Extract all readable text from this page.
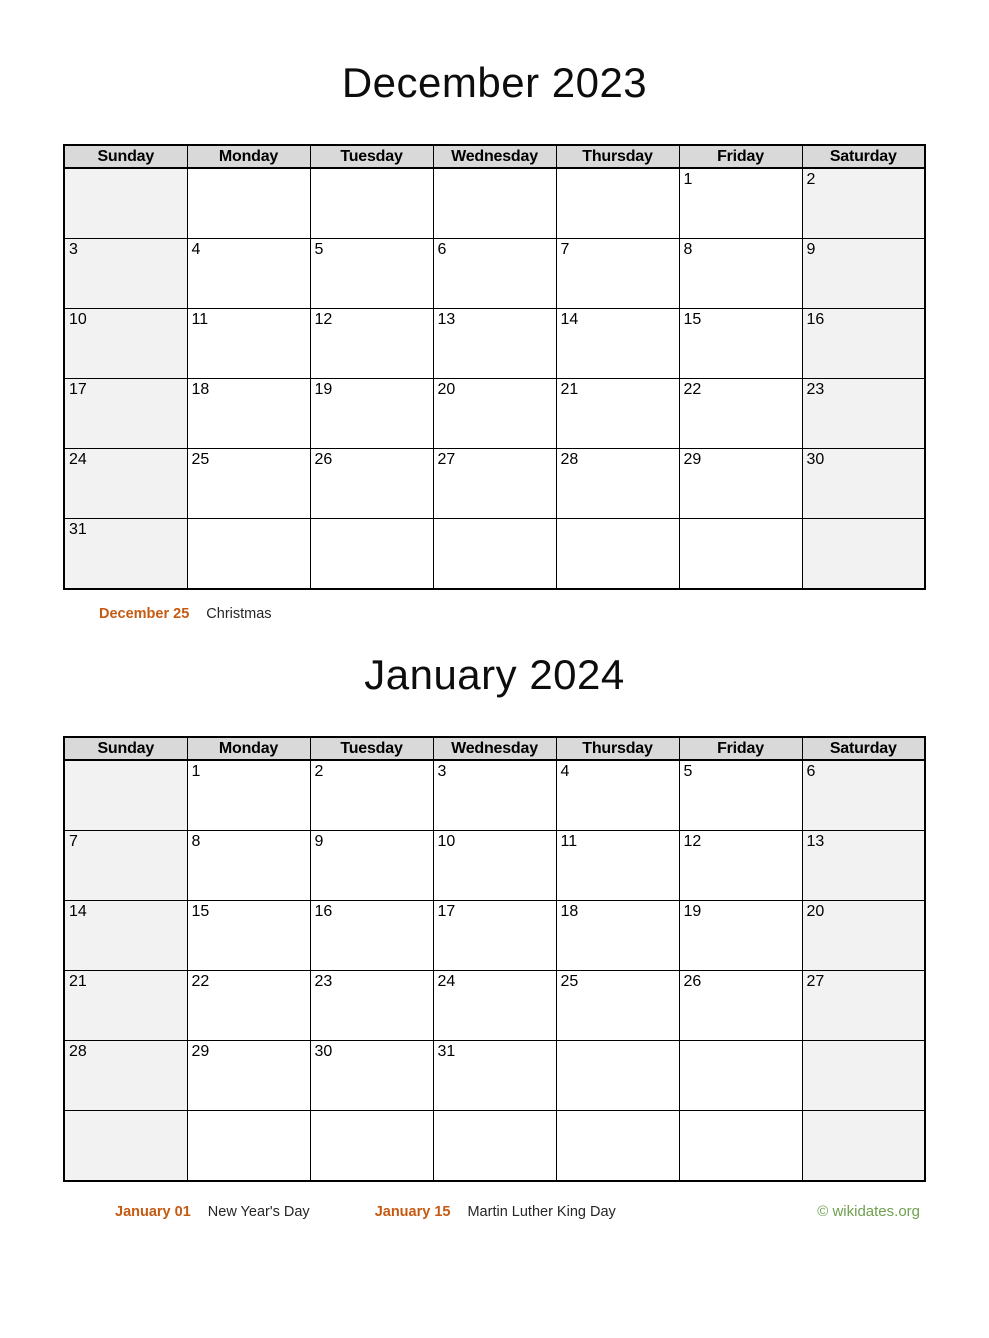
December 2023
Sunday	Monday	Tuesday	Wednesday	Thursday	Friday	Saturday
					1	2
3	4	5	6	7	8	9
10	11	12	13	14	15	16
17	18	19	20	21	22	23
24	25	26	27	28	29	30
31						
December 25 Christmas
January 2024
Sunday	Monday	Tuesday	Wednesday	Thursday	Friday	Saturday
	1	2	3	4	5	6
7	8	9	10	11	12	13
14	15	16	17	18	19	20
21	22	23	24	25	26	27
28	29	30	31			

January 01 New Year's Day	January 15 Martin Luther King Day	© wikidates.org
